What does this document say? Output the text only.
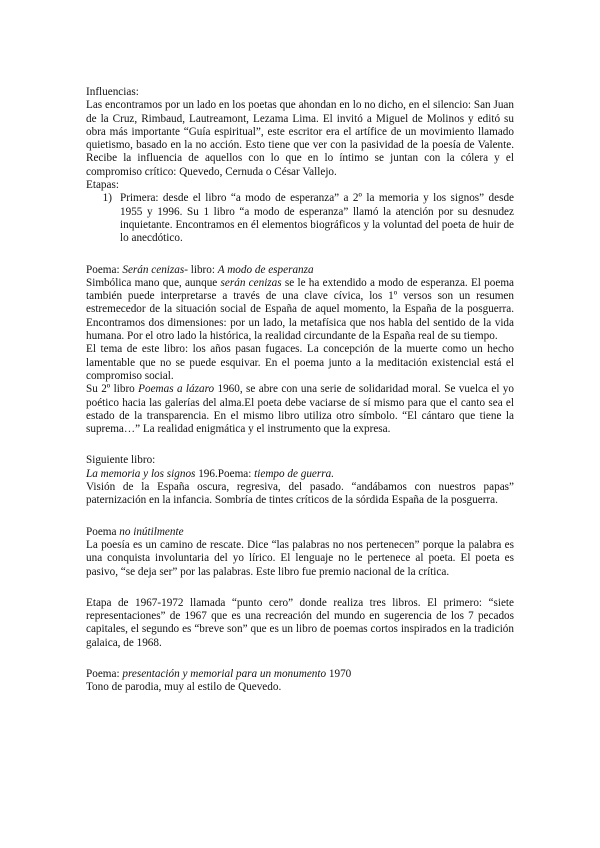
Influencias:

Las encontramos por un lado en los poetas que ahondan en lo no dicho, en el silencio: San Juan de la Cruz, Rimbaud, Lautreamont, Lezama Lima. El invitó a Miguel de Molinos y editó su obra más importante “Guía espiritual”, este escritor era el artífice de un movimiento llamado quietismo, basado en la no acción. Esto tiene que ver con la pasividad de la poesía de Valente. Recibe la influencia de aquellos con lo que en lo íntimo se juntan con la cólera y el compromiso crítico: Quevedo, Cernuda o César Vallejo.

Etapas:

1) Primera: desde el libro “a modo de esperanza” a 2º la memoria y los signos” desde 1955 y 1996. Su 1 libro “a modo de esperanza” llamó la atención por su desnudez inquietante. Encontramos en él elementos biográficos y la voluntad del poeta de huir de lo anecdótico.

Poema: Serán cenizas- libro: A modo de esperanza

Simbólica mano que, aunque serán cenizas se le ha extendido a modo de esperanza. El poema también puede interpretarse a través de una clave cívica, los 1º versos son un resumen estremecedor de la situación social de España de aquel momento, la España de la posguerra. Encontramos dos dimensiones: por un lado, la metafísica que nos habla del sentido de la vida humana. Por el otro lado la histórica, la realidad circundante de la España real de su tiempo.

El tema de este libro: los años pasan fugaces. La concepción de la muerte como un hecho lamentable que no se puede esquivar. En el poema junto a la meditación existencial está el compromiso social.

Su 2º libro Poemas a lázaro 1960, se abre con una serie de solidaridad moral. Se vuelca el yo poético hacia las galerías del alma.El poeta debe vaciarse de sí mismo para que el canto sea el estado de la transparencia. En el mismo libro utiliza otro símbolo. “El cántaro que tiene la suprema…” La realidad enigmática y el instrumento que la expresa.

Siguiente libro:

La memoria y los signos 196.Poema: tiempo de guerra.

Visión de la España oscura, regresiva, del pasado. “andábamos con nuestros papas” paternización en la infancia. Sombría de tintes críticos de la sórdida España de la posguerra.

Poema no inútilmente

La poesía es un camino de rescate. Dice “las palabras no nos pertenecen” porque la palabra es una conquista involuntaria del yo lírico. El lenguaje no le pertenece al poeta. El poeta es pasivo, “se deja ser” por las palabras. Este libro fue premio nacional de la crítica.

Etapa de 1967-1972 llamada “punto cero” donde realiza tres libros. El primero: “siete representaciones” de 1967 que es una recreación del mundo en sugerencia de los 7 pecados capitales, el segundo es “breve son” que es un libro de poemas cortos inspirados en la tradición galaica, de 1968.

Poema: presentación y memorial para un monumento 1970

Tono de parodia, muy al estilo de Quevedo.
